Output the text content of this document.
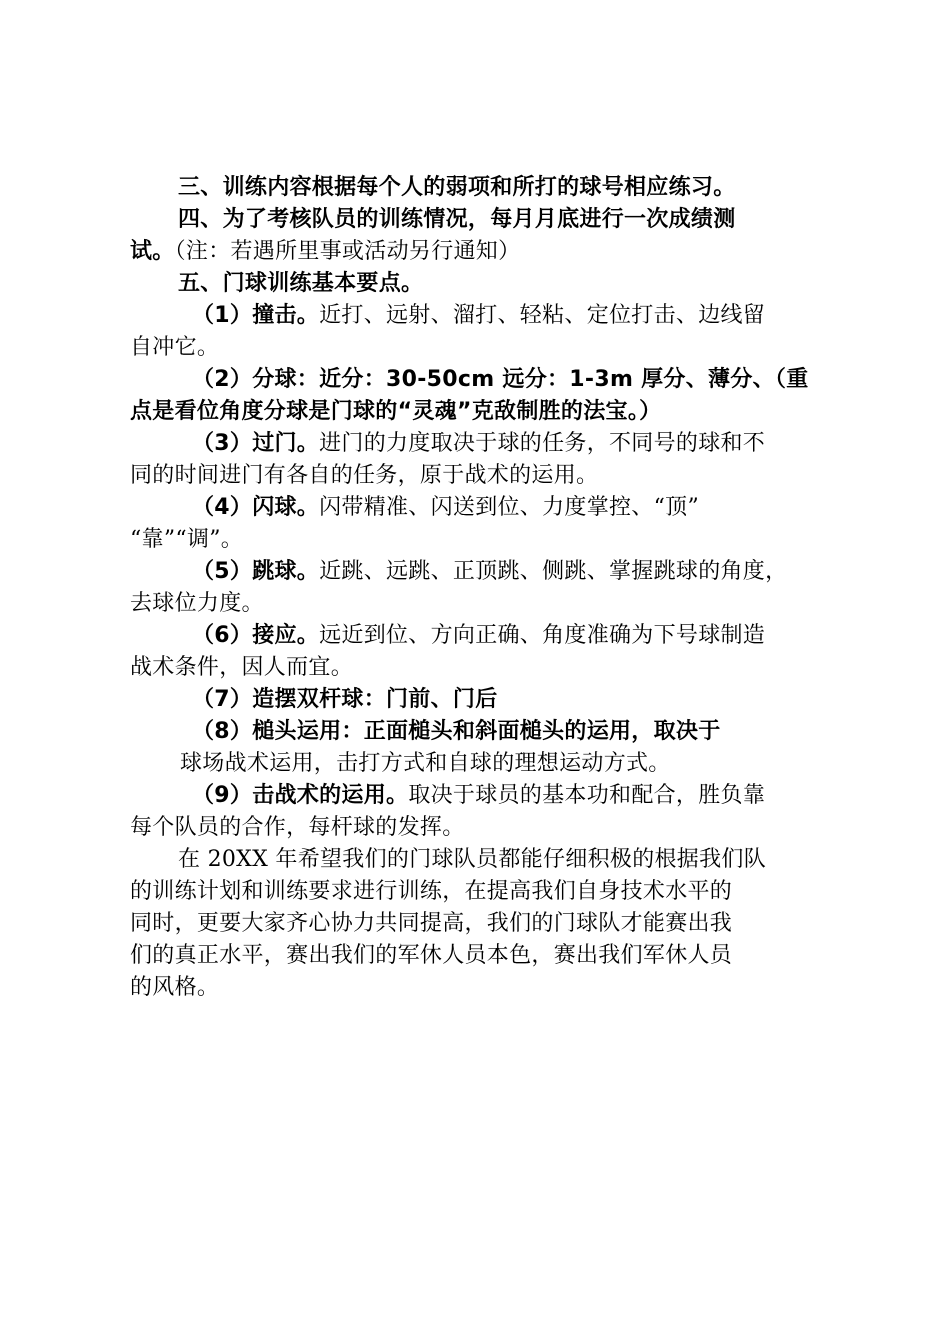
三、训练内容根据每个人的弱项和所打的球号相应练习。
四、为了考核队员的训练情况，每月月底进行一次成绩测
试。（注：若遇所里事或活动另行通知）
五、门球训练基本要点。
（1）撞击。近打、远射、溜打、轻粘、定位打击、边线留
自冲它。
（2）分球：近分：30-50cm 远分：1-3m 厚分、薄分、（重
点是看位角度分球是门球的“灵魂”克敌制胜的法宝。）
（3）过门。进门的力度取决于球的任务，不同号的球和不
同的时间进门有各自的任务，原于战术的运用。
（4）闪球。闪带精准、闪送到位、力度掌控、“顶”
“靠”“调”。
（5）跳球。近跳、远跳、正顶跳、侧跳、掌握跳球的角度，
去球位力度。
（6）接应。远近到位、方向正确、角度准确为下号球制造
战术条件，因人而宜。
（7）造摆双杆球：门前、门后
（8）槌头运用：正面槌头和斜面槌头的运用，取决于
球场战术运用，击打方式和自球的理想运动方式。
（9）击战术的运用。取决于球员的基本功和配合，胜负靠
每个队员的合作，每杆球的发挥。
在 20XX 年希望我们的门球队员都能仔细积极的根据我们队
的训练计划和训练要求进行训练，在提高我们自身技术水平的
同时，更要大家齐心协力共同提高，我们的门球队才能赛出我
们的真正水平，赛出我们的军休人员本色，赛出我们军休人员
的风格。
